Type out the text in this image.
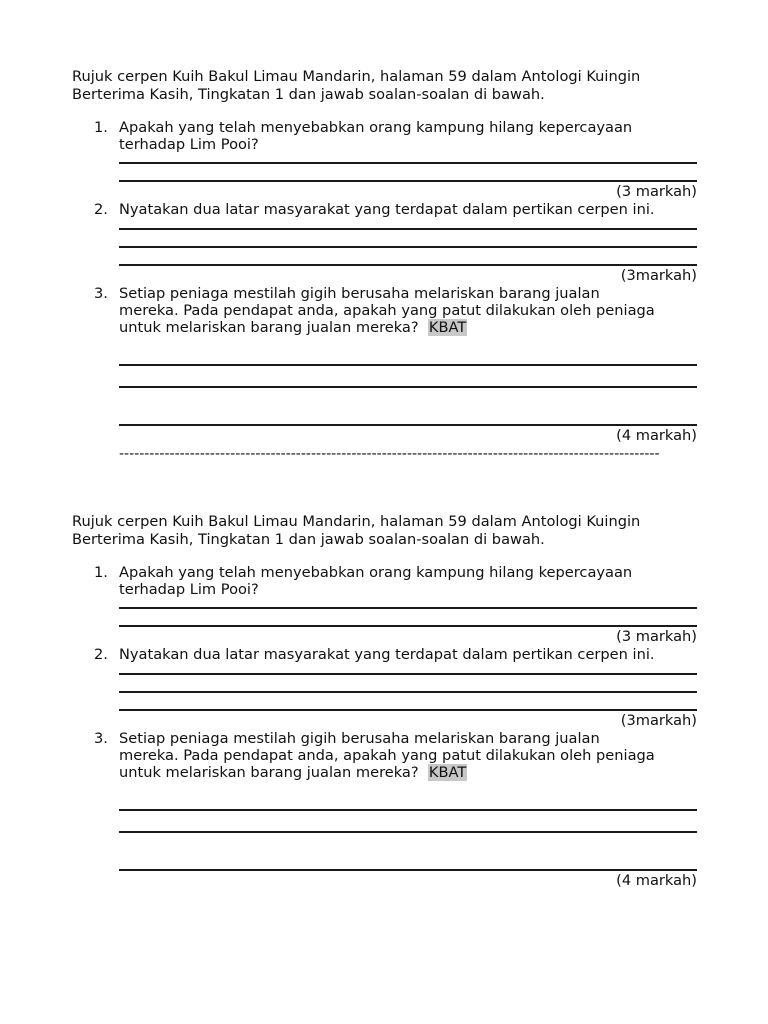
Rujuk cerpen Kuih Bakul Limau Mandarin, halaman 59 dalam Antologi Kuingin

Berterima Kasih, Tingkatan 1 dan jawab soalan-soalan di bawah.

1. Apakah yang telah menyebabkan orang kampung hilang kepercayaan

terhadap Lim Pooi?

(3 markah)
2. Nyatakan dua latar masyarakat yang terdapat dalam pertikan cerpen ini.

(3markah)
3. Setiap peniaga mestilah gigih berusaha melariskan barang jualan

mereka. Pada pendapat anda, apakah yang patut dilakukan oleh peniaga

untuk melariskan barang jualan mereka? KBAT

(4 markah)
-----------------------------------------------------------------------------------------------------------

Rujuk cerpen Kuih Bakul Limau Mandarin, halaman 59 dalam Antologi Kuingin

Berterima Kasih, Tingkatan 1 dan jawab soalan-soalan di bawah.

1. Apakah yang telah menyebabkan orang kampung hilang kepercayaan

terhadap Lim Pooi?

(3 markah)
2. Nyatakan dua latar masyarakat yang terdapat dalam pertikan cerpen ini.

(3markah)
3. Setiap peniaga mestilah gigih berusaha melariskan barang jualan

mereka. Pada pendapat anda, apakah yang patut dilakukan oleh peniaga

untuk melariskan barang jualan mereka? KBAT

(4 markah)
